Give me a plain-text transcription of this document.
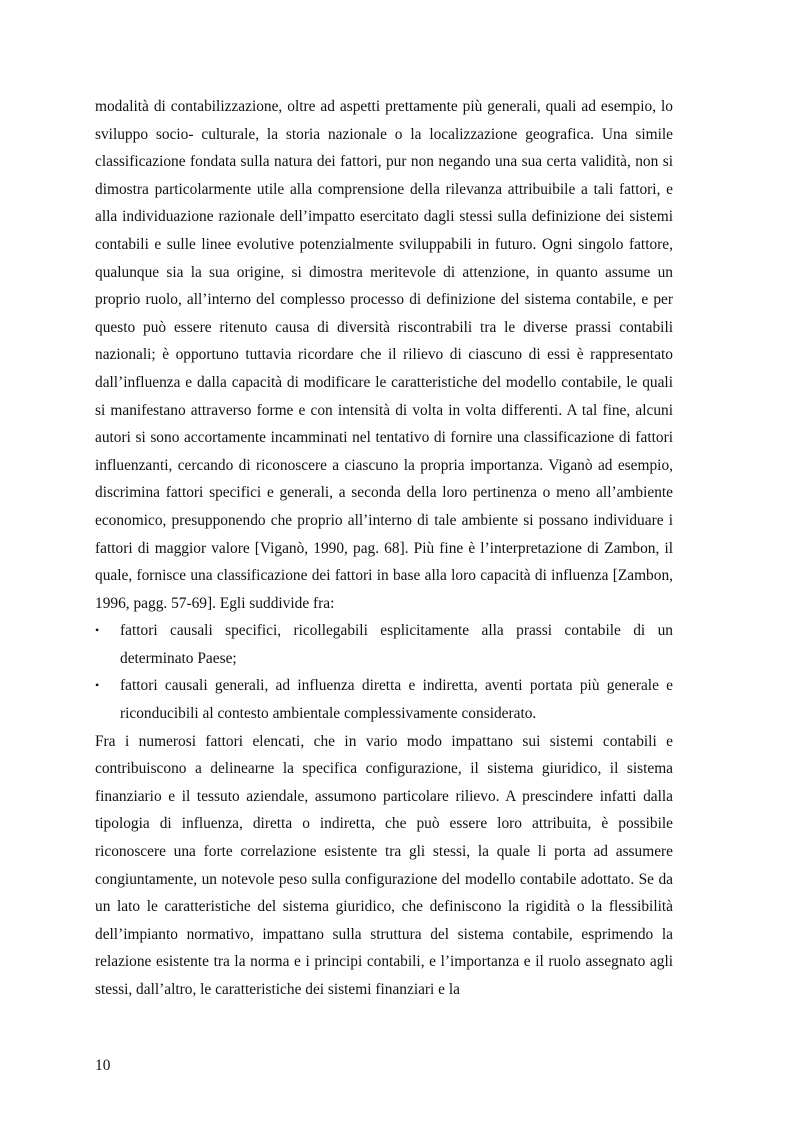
modalità di contabilizzazione, oltre ad aspetti prettamente più generali, quali ad esempio, lo sviluppo socio- culturale, la storia nazionale o la localizzazione geografica. Una simile classificazione fondata sulla natura dei fattori, pur non negando una sua certa validità, non si dimostra particolarmente utile alla comprensione della rilevanza attribuibile a tali fattori, e alla individuazione razionale dell’impatto esercitato dagli stessi sulla definizione dei sistemi contabili e sulle linee evolutive potenzialmente sviluppabili in futuro. Ogni singolo fattore, qualunque sia la sua origine, si dimostra meritevole di attenzione, in quanto assume un proprio ruolo, all’interno del complesso processo di definizione del sistema contabile, e per questo può essere ritenuto causa di diversità riscontrabili tra le diverse prassi contabili nazionali; è opportuno tuttavia ricordare che il rilievo di ciascuno di essi è rappresentato dall’influenza e dalla capacità di modificare le caratteristiche del modello contabile, le quali si manifestano attraverso forme e con intensità di volta in volta differenti. A tal fine, alcuni autori si sono accortamente incamminati nel tentativo di fornire una classificazione di fattori influenzanti, cercando di riconoscere a ciascuno la propria importanza. Viganò ad esempio, discrimina fattori specifici e generali, a seconda della loro pertinenza o meno all’ambiente economico, presupponendo che proprio all’interno di tale ambiente si possano individuare i fattori di maggior valore [Viganò, 1990, pag. 68]. Più fine è l’interpretazione di Zambon, il quale, fornisce una classificazione dei fattori in base alla loro capacità di influenza [Zambon, 1996, pagg. 57-69]. Egli suddivide fra:

• fattori causali specifici, ricollegabili esplicitamente alla prassi contabile di un determinato Paese;
• fattori causali generali, ad influenza diretta e indiretta, aventi portata più generale e riconducibili al contesto ambientale complessivamente considerato.

Fra i numerosi fattori elencati, che in vario modo impattano sui sistemi contabili e contribuiscono a delinearne la specifica configurazione, il sistema giuridico, il sistema finanziario e il tessuto aziendale, assumono particolare rilievo. A prescindere infatti dalla tipologia di influenza, diretta o indiretta, che può essere loro attribuita, è possibile riconoscere una forte correlazione esistente tra gli stessi, la quale li porta ad assumere congiuntamente, un notevole peso sulla configurazione del modello contabile adottato. Se da un lato le caratteristiche del sistema giuridico, che definiscono la rigidità o la flessibilità dell’impianto normativo, impattano sulla struttura del sistema contabile, esprimendo la relazione esistente tra la norma e i principi contabili, e l’importanza e il ruolo assegnato agli stessi, dall’altro, le caratteristiche dei sistemi finanziari e la

10
